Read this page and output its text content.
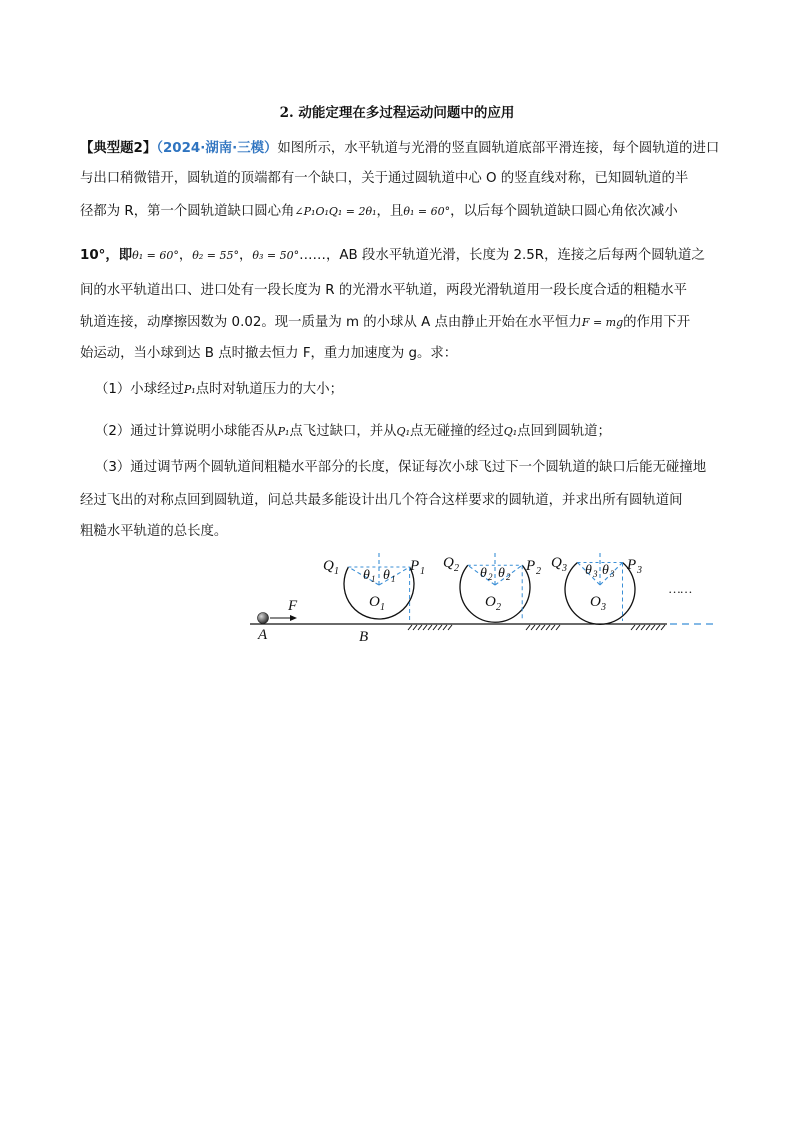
2. 动能定理在多过程运动问题中的应用
【典型题2】（2024·湖南·三模）如图所示，水平轨道与光滑的竖直圆轨道底部平滑连接，每个圆轨道的进口
与出口稍微错开，圆轨道的顶端都有一个缺口，关于通过圆轨道中心 O 的竖直线对称，已知圆轨道的半
径都为 R，第一个圆轨道缺口圆心角∠P₁O₁Q₁ = 2θ₁，且θ₁ = 60°，以后每个圆轨道缺口圆心角依次减小
10°，即θ₁ = 60°，θ₂ = 55°，θ₃ = 50°……，AB 段水平轨道光滑，长度为 2.5R，连接之后每两个圆轨道之
间的水平轨道出口、进口处有一段长度为 R 的光滑水平轨道，两段光滑轨道用一段长度合适的粗糙水平
轨道连接，动摩擦因数为 0.02。现一质量为 m 的小球从 A 点由静止开始在水平恒力F = mg的作用下开
始运动，当小球到达 B 点时撤去恒力 F，重力加速度为 g。求：
（1）小球经过P₁点时对轨道压力的大小；
（2）通过计算说明小球能否从P₁点飞过缺口，并从Q₁点无碰撞的经过Q₁点回到圆轨道；
（3）通过调节两个圆轨道间粗糙水平部分的长度，保证每次小球飞过下一个圆轨道的缺口后能无碰撞地
经过飞出的对称点回到圆轨道，问总共最多能设计出几个符合这样要求的圆轨道，并求出所有圆轨道间
粗糙水平轨道的总长度。
F
A	B
Q 1	P 1
θ 1 θ 1
O 1
Q 2	P 2
θ 2 θ 2
O 2
Q 3	P 3
θ 3 θ 3
O 3
……
